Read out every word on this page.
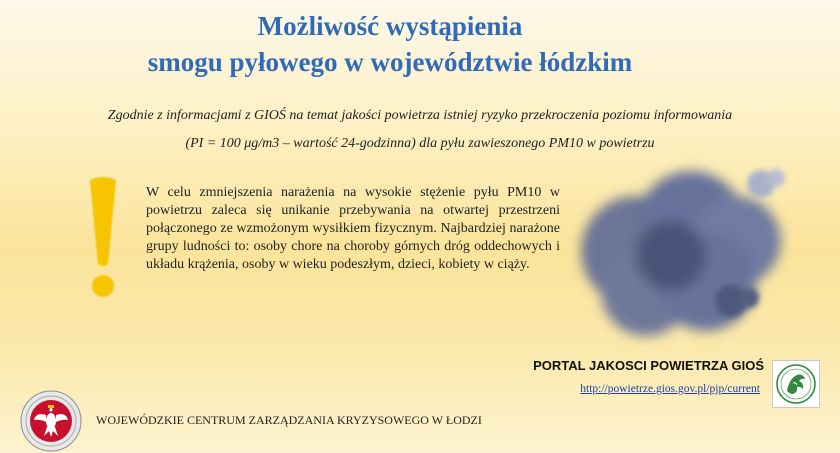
Możliwość wystąpienia
smogu pyłowego w województwie łódzkim
Zgodnie z informacjami z GIOŚ na temat jakości powietrza istniej ryzyko przekroczenia poziomu informowania
(PI = 100 μg/m3 – wartość 24-godzinna) dla pyłu zawieszonego PM10 w powietrzu
W celu zmniejszenia narażenia na wysokie stężenie pyłu PM10 w powietrzu zaleca się unikanie przebywania na otwartej przestrzeni połączonego ze wzmożonym wysiłkiem fizycznym. Najbardziej narażone grupy ludności to: osoby chore na choroby górnych dróg oddechowych i układu krążenia, osoby w wieku podeszłym, dzieci, kobiety w ciąży.
PORTAL JAKOSCI POWIETRZA GIOŚ
http://powietrze.gios.gov.pl/pjp/current
WOJEWÓDZKIE CENTRUM ZARZĄDZANIA KRYZYSOWEGO W ŁODZI
